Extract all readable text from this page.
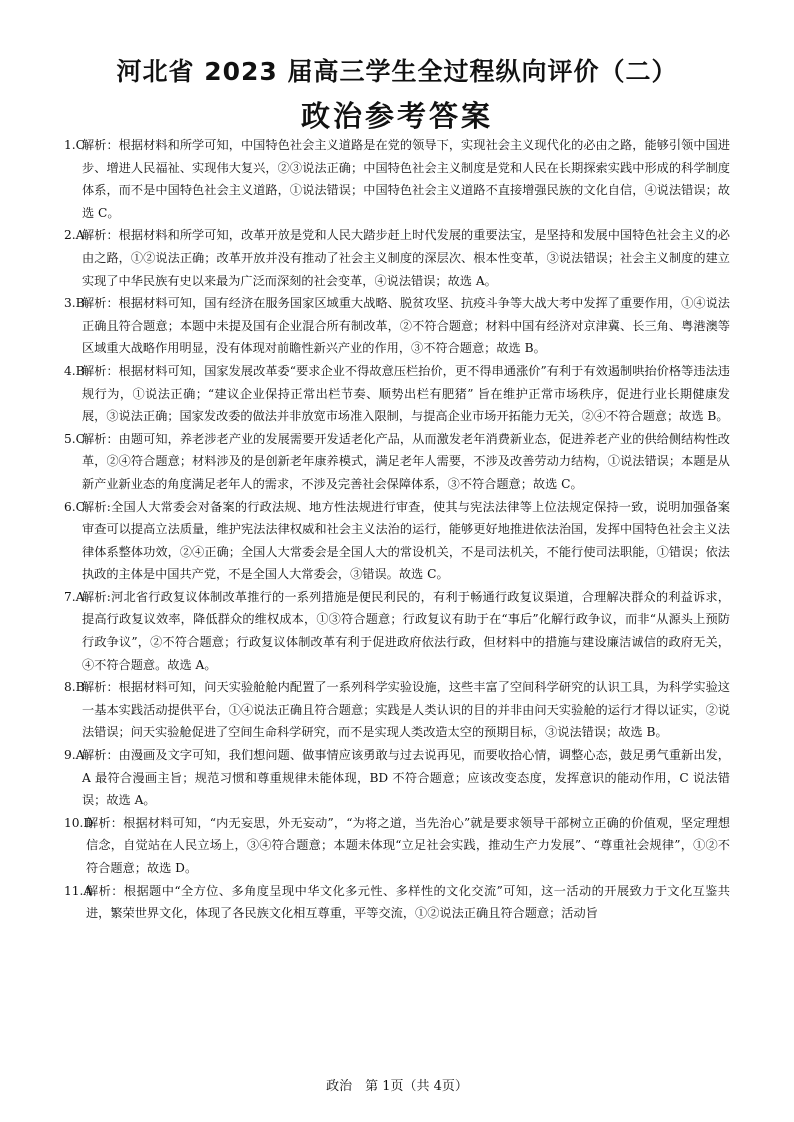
河北省 2023 届高三学生全过程纵向评价（二）
政治参考答案
1.C
解析：根据材料和所学可知，中国特色社会主义道路是在党的领导下，实现社会主义现代化的必由之路，能够引领中国进步、增进人民福祉、实现伟大复兴，②③说法正确；中国特色社会主义制度是党和人民在长期探索实践中形成的科学制度体系，而不是中国特色社会主义道路，①说法错误；中国特色社会主义道路不直接增强民族的文化自信，④说法错误；故选 C。
2.A
解析：根据材料和所学可知，改革开放是党和人民大踏步赶上时代发展的重要法宝，是坚持和发展中国特色社会主义的必由之路，①②说法正确；改革开放并没有推动了社会主义制度的深层次、根本性变革，③说法错误；社会主义制度的建立实现了中华民族有史以来最为广泛而深刻的社会变革，④说法错误；故选 A。
3.B
解析：根据材料可知，国有经济在服务国家区域重大战略、脱贫攻坚、抗疫斗争等大战大考中发挥了重要作用，①④说法正确且符合题意；本题中未提及国有企业混合所有制改革，②不符合题意；材料中国有经济对京津冀、长三角、粤港澳等区域重大战略作用明显，没有体现对前瞻性新兴产业的作用，③不符合题意；故选 B。
4.B
解析：根据材料可知，国家发展改革委“要求企业不得故意压栏抬价，更不得串通涨价”有利于有效遏制哄抬价格等违法违规行为，①说法正确；“建议企业保持正常出栏节奏、顺势出栏有肥猪” 旨在维护正常市场秩序，促进行业长期健康发展，③说法正确；国家发改委的做法并非放宽市场准入限制，与提高企业市场开拓能力无关，②④不符合题意；故选 B。
5.C
解析：由题可知，养老涉老产业的发展需要开发适老化产品，从而激发老年消费新业态，促进养老产业的供给侧结构性改革，②④符合题意；材料涉及的是创新老年康养模式，满足老年人需要，不涉及改善劳动力结构，①说法错误；本题是从新产业新业态的角度满足老年人的需求，不涉及完善社会保障体系，③不符合题意；故选 C。
6.C
解析:全国人大常委会对备案的行政法规、地方性法规进行审查，使其与宪法法律等上位法规定保持一致，说明加强备案审查可以提高立法质量，维护宪法法律权威和社会主义法治的运行，能够更好地推进依法治国，发挥中国特色社会主义法律体系整体功效，②④正确；全国人大常委会是全国人大的常设机关，不是司法机关，不能行使司法职能，①错误；依法执政的主体是中国共产党，不是全国人大常委会，③错误。故选 C。
7.A
解析:河北省行政复议体制改革推行的一系列措施是便民利民的，有利于畅通行政复议渠道，合理解决群众的利益诉求，提高行政复议效率，降低群众的维权成本，①③符合题意；行政复议有助于在“事后”化解行政争议，而非“从源头上预防行政争议”，②不符合题意；行政复议体制改革有利于促进政府依法行政，但材料中的措施与建设廉洁诚信的政府无关，④不符合题意。故选 A。
8.B
解析：根据材料可知，问天实验舱舱内配置了一系列科学实验设施，这些丰富了空间科学研究的认识工具，为科学实验这一基本实践活动提供平台，①④说法正确且符合题意；实践是人类认识的目的并非由问天实验舱的运行才得以证实，②说法错误；问天实验舱促进了空间生命科学研究，而不是实现人类改造太空的预期目标，③说法错误；故选 B。
9.A
解析：由漫画及文字可知，我们想问题、做事情应该勇敢与过去说再见，而要收拾心情，调整心态，鼓足勇气重新出发，A 最符合漫画主旨；规范习惯和尊重规律未能体现，BD 不符合题意；应该改变态度，发挥意识的能动作用，C 说法错误；故选 A。
10.D
解析：根据材料可知，“内无妄思，外无妄动”，“为将之道，当先治心”就是要求领导干部树立正确的价值观，坚定理想信念，自觉站在人民立场上，③④符合题意；本题未体现“立足社会实践，推动生产力发展”、“尊重社会规律”，①②不符合题意；故选 D。
11.A
解析：根据题中“全方位、多角度呈现中华文化多元性、多样性的文化交流”可知，这一活动的开展致力于文化互鉴共进，繁荣世界文化，体现了各民族文化相互尊重，平等交流，①②说法正确且符合题意；活动旨
政治　第 1页（共 4页）
